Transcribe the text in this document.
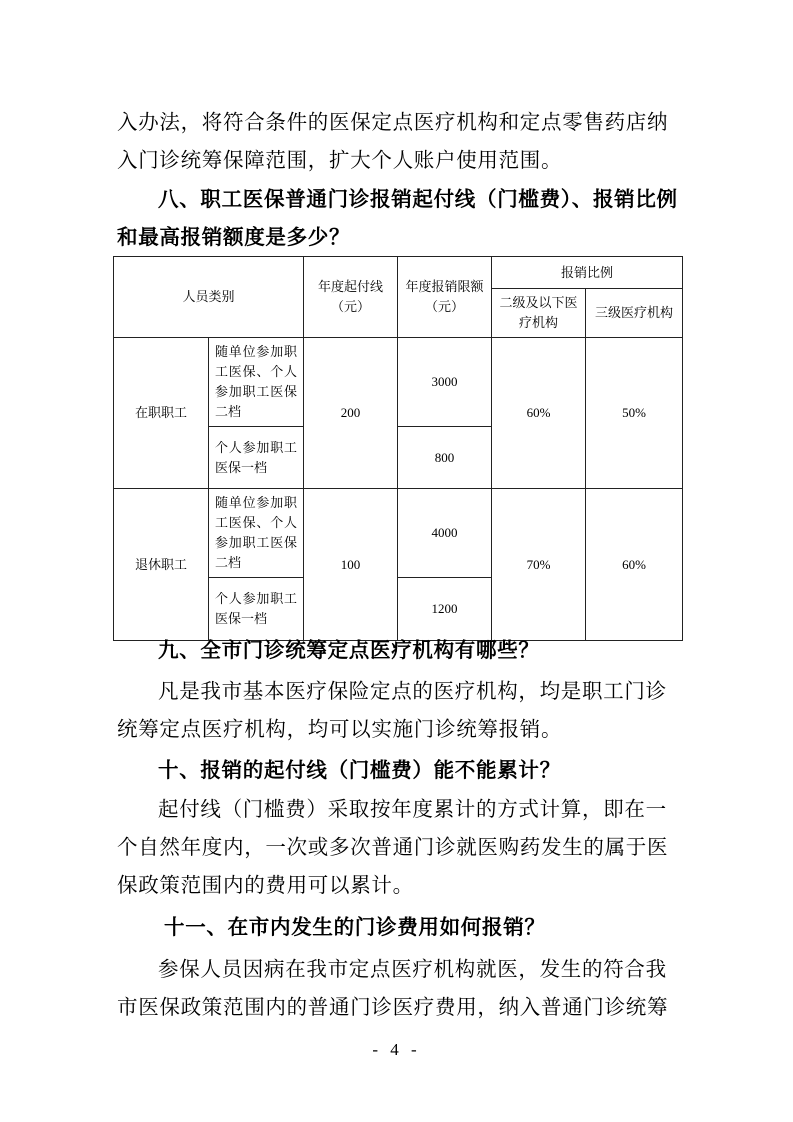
入办法，将符合条件的医保定点医疗机构和定点零售药店纳入门诊统筹保障范围，扩大个人账户使用范围。

八、职工医保普通门诊报销起付线（门槛费）、报销比例和最高报销额度是多少？

人员类别		年度起付线（元）	年度报销限额（元）	报销比例	
				二级及以下医疗机构	三级医疗机构
在职职工	随单位参加职工医保、个人参加职工医保二档	200	3000	60%	50%
	个人参加职工医保一档		800		
退休职工	随单位参加职工医保、个人参加职工医保二档	100	4000	70%	60%
	个人参加职工医保一档		1200		

九、全市门诊统筹定点医疗机构有哪些？

凡是我市基本医疗保险定点的医疗机构，均是职工门诊统筹定点医疗机构，均可以实施门诊统筹报销。

十、报销的起付线（门槛费）能不能累计？

起付线（门槛费）采取按年度累计的方式计算，即在一个自然年度内，一次或多次普通门诊就医购药发生的属于医保政策范围内的费用可以累计。

十一、在市内发生的门诊费用如何报销？

参保人员因病在我市定点医疗机构就医，发生的符合我市医保政策范围内的普通门诊医疗费用，纳入普通门诊统筹

- 4 -
